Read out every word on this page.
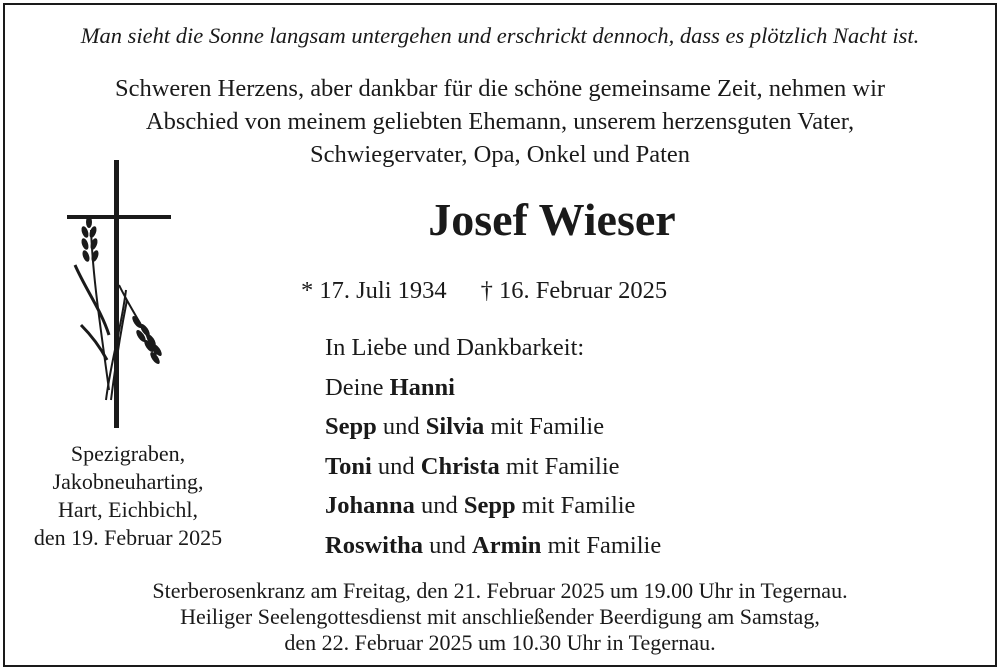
Man sieht die Sonne langsam untergehen und erschrickt dennoch, dass es plötzlich Nacht ist.
Schweren Herzens, aber dankbar für die schöne gemeinsame Zeit, nehmen wir
Abschied von meinem geliebten Ehemann, unserem herzensguten Vater,
Schwiegervater, Opa, Onkel und Paten
Josef Wieser
* 17. Juli 1934 † 16. Februar 2025
In Liebe und Dankbarkeit:
Deine Hanni
Sepp und Silvia mit Familie
Toni und Christa mit Familie
Johanna und Sepp mit Familie
Roswitha und Armin mit Familie
Spezigraben,
Jakobneuharting,
Hart, Eichbichl,
den 19. Februar 2025
Sterberosenkranz am Freitag, den 21. Februar 2025 um 19.00 Uhr in Tegernau.
Heiliger Seelengottesdienst mit anschließender Beerdigung am Samstag,
den 22. Februar 2025 um 10.30 Uhr in Tegernau.
